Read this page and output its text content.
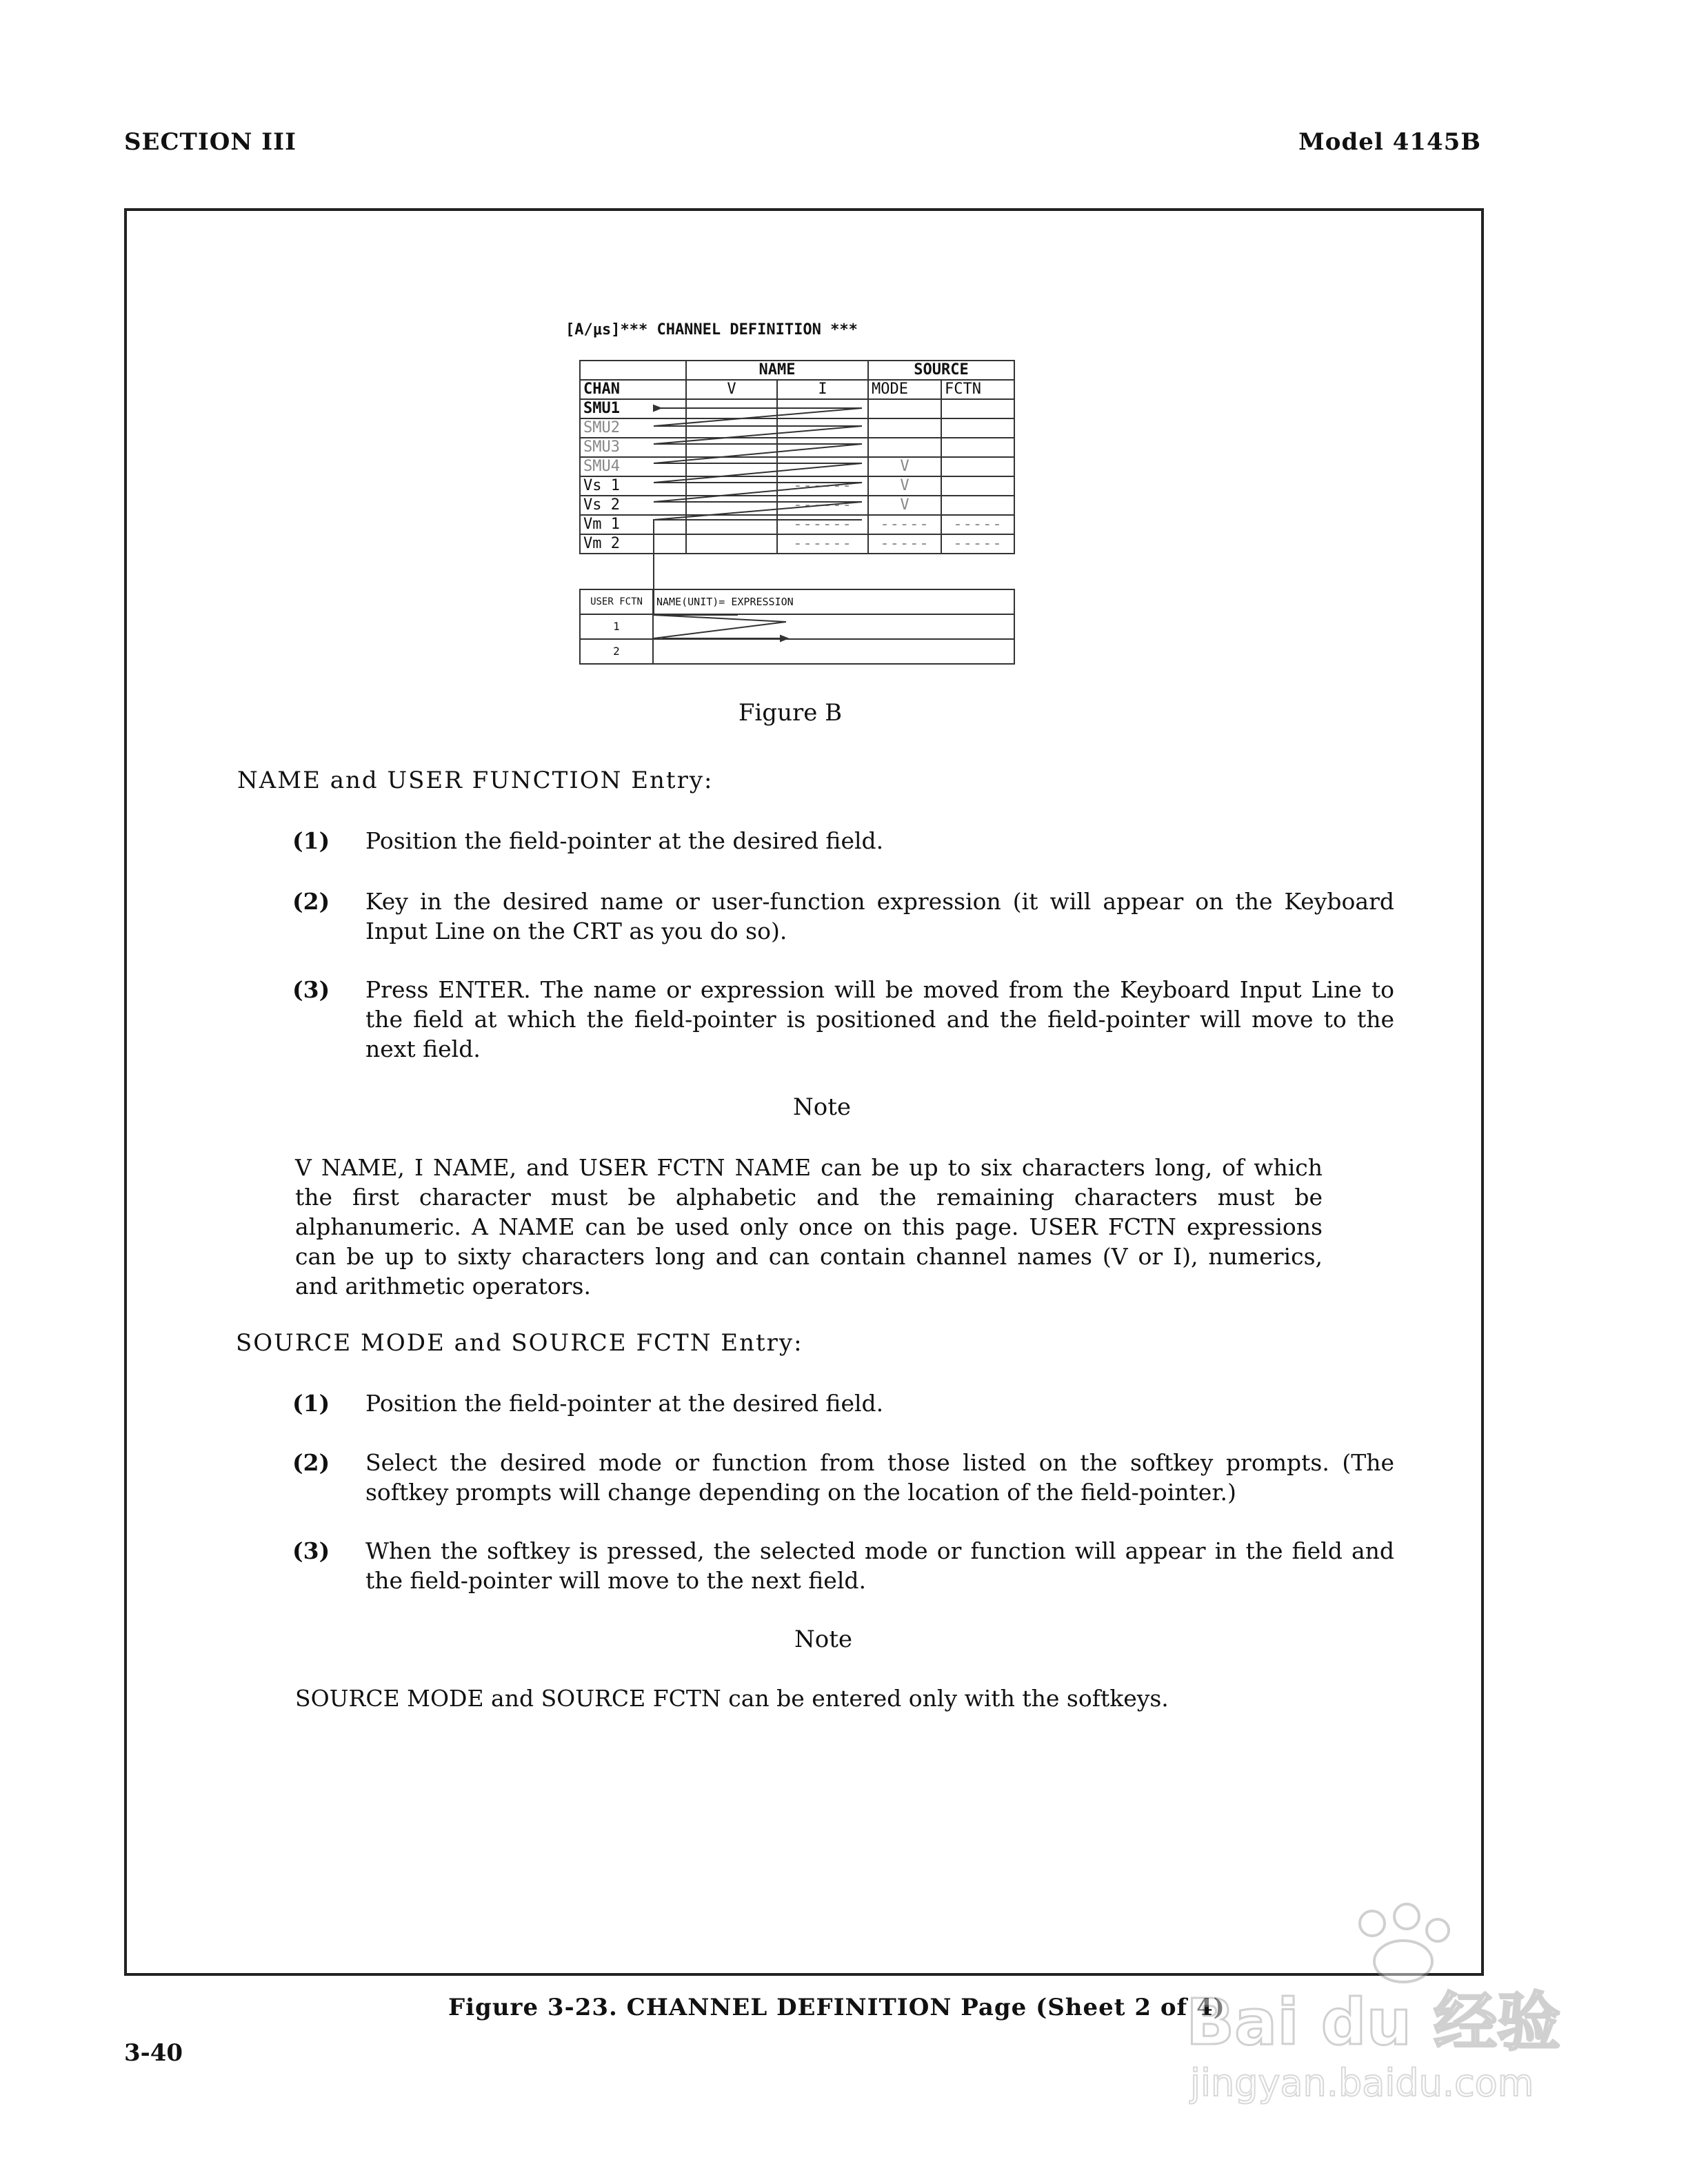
SECTION III	Model 4145B
[A/μs]*** CHANNEL DEFINITION ***
	NAME		SOURCE	
CHAN	V	I	MODE	FCTN
SMU1				
SMU2				
SMU3				
SMU4			V	
Vs 1		------	V	
Vs 2		------	V	
Vm 1		------	-----	-----
Vm 2		------	-----	-----
USER FCTN	NAME(UNIT)= EXPRESSION
1	
2	
Figure B
NAME and USER FUNCTION Entry:
(1) Position the field-pointer at the desired field.
(2) Key in the desired name or user-function expression (it will appear on the Keyboard Input Line on the CRT as you do so).
(3) Press ENTER. The name or expression will be moved from the Keyboard Input Line to the field at which the field-pointer is positioned and the field-pointer will move to the next field.
Note
V NAME, I NAME, and USER FCTN NAME can be up to six characters long, of which the first character must be alphabetic and the remaining characters must be alphanumeric. A NAME can be used only once on this page. USER FCTN expressions can be up to sixty characters long and can contain channel names (V or I), numerics, and arithmetic operators.
SOURCE MODE and SOURCE FCTN Entry:
(1) Position the field-pointer at the desired field.
(2) Select the desired mode or function from those listed on the softkey prompts. (The softkey prompts will change depending on the location of the field-pointer.)
(3) When the softkey is pressed, the selected mode or function will appear in the field and the field-pointer will move to the next field.
Note
SOURCE MODE and SOURCE FCTN can be entered only with the softkeys.
Figure 3-23. CHANNEL DEFINITION Page (Sheet 2 of 4)
3-40	Bai du 经验
jingyan.baidu.com
